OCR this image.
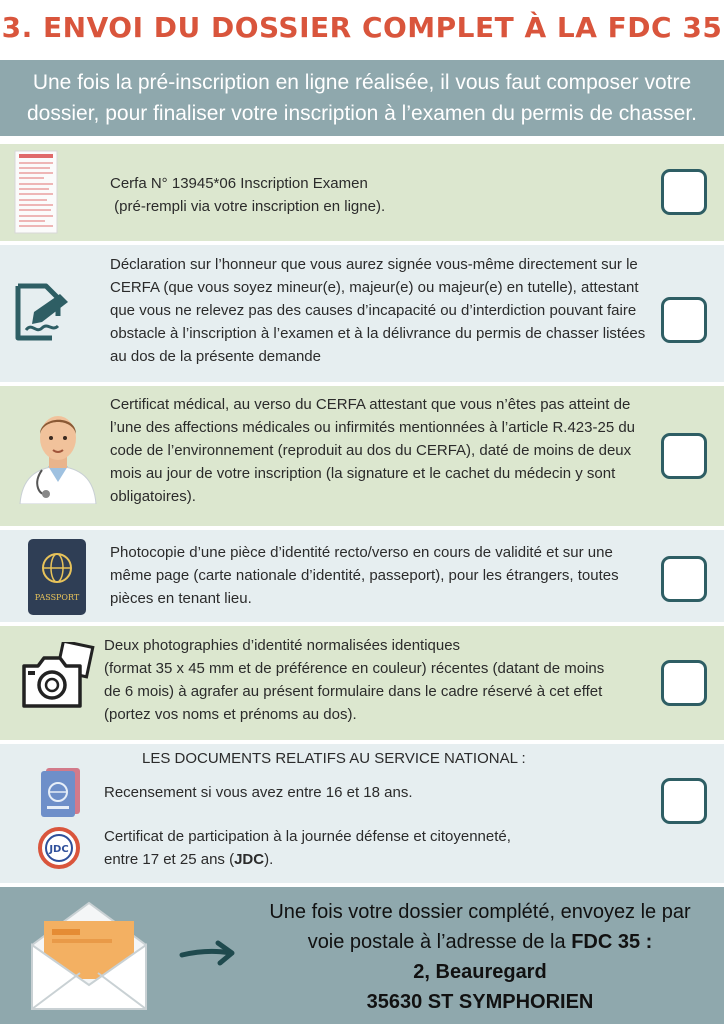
3. ENVOI DU DOSSIER COMPLET À LA FDC 35
Une fois la pré-inscription en ligne réalisée, il vous faut composer votre dossier, pour finaliser votre inscription à l’examen du permis de chasser.
Cerfa N° 13945*06 Inscription Examen
(pré-rempli via votre inscription en ligne).
Déclaration sur l’honneur que vous aurez signée vous-même directement sur le CERFA (que vous soyez mineur(e), majeur(e) ou majeur(e) en tutelle), attestant que vous ne relevez pas des causes d’incapacité ou d’interdiction pouvant faire obstacle à l’inscription à l’examen et à la délivrance du permis de chasser listées au dos de la présente demande
Certificat médical, au verso du CERFA attestant que vous n’êtes pas atteint de l’une des affections médicales ou infirmités mentionnées à l’article R.423-25 du code de l’environnement (reproduit au dos du CERFA), daté de moins de deux mois au jour de votre inscription (la signature et le cachet du médecin y sont obligatoires).
PASSPORT
Photocopie d’une pièce d’identité recto/verso en cours de validité et sur une même page (carte nationale d’identité, passeport), pour les étrangers, toutes pièces en tenant lieu.
Deux photographies d’identité normalisées identiques
(format 35 x 45 mm et de préférence en couleur) récentes (datant de moins de 6 mois) à agrafer au présent formulaire dans le cadre réservé à cet effet (portez vos noms et prénoms au dos).
LES DOCUMENTS RELATIFS AU SERVICE NATIONAL :
Recensement si vous avez entre 16 et 18 ans.
JDC
Certificat de participation à la journée défense et citoyenneté,
entre 17 et 25 ans (JDC).
Une fois votre dossier complété, envoyez le par
voie postale à l’adresse de la FDC 35 :
2, Beauregard
35630 ST SYMPHORIEN
